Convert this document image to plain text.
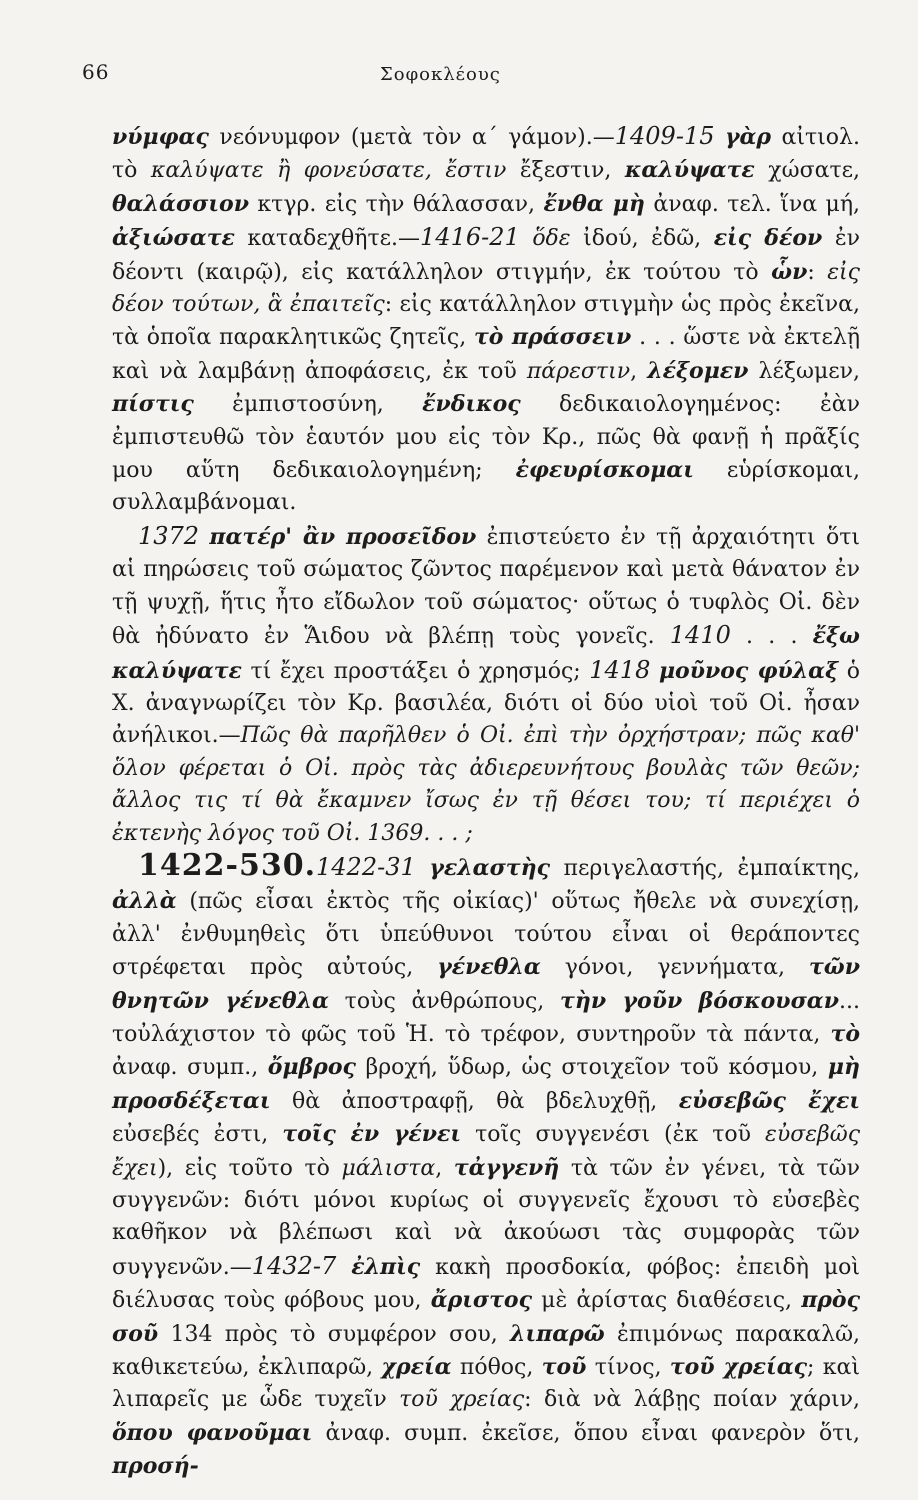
66	Σοφοκλέους

νύμφας νεόνυμφον (μετὰ τὸν α΄ γάμον).—1409-15 γὰρ αἰτιολ. τὸ καλύψατε ἢ φονεύσατε, ἔστιν ἔξεστιν, καλύψατε χώσατε, θαλάσσιον κτγρ. εἰς τὴν θάλασσαν, ἔνθα μὴ ἀναφ. τελ. ἵνα μή, ἀξιώσατε καταδεχθῆτε.—1416-21 ὅδε ἰδού, ἐδῶ, εἰς δέον ἐν δέοντι (καιρῷ), εἰς κατάλληλον στιγμήν, ἐκ τούτου τὸ ὧν: εἰς δέον τούτων, ἃ ἐπαιτεῖς: εἰς κατάλληλον στιγμὴν ὡς πρὸς ἐκεῖνα, τὰ ὁποῖα παρακλητικῶς ζητεῖς, τὸ πράσσειν . . . ὥστε νὰ ἐκτελῇ καὶ νὰ λαμβάνῃ ἀποφάσεις, ἐκ τοῦ πάρεστιν, λέξομεν λέξωμεν, πίστις ἐμπιστοσύνη, ἔνδικος δεδικαιολογημένος: ἐὰν ἐμπιστευθῶ τὸν ἑαυτόν μου εἰς τὸν Κρ., πῶς θὰ φανῇ ἡ πρᾶξίς μου αὕτη δεδικαιολογημένη; ἐφευρίσκομαι εὑρίσκομαι, συλλαμβάνομαι.

1372 πατέρ' ἂν προσεῖδον ἐπιστεύετο ἐν τῇ ἀρχαιότητι ὅτι αἱ πηρώσεις τοῦ σώματος ζῶντος παρέμενον καὶ μετὰ θάνατον ἐν τῇ ψυχῇ, ἥτις ἦτο εἴδωλον τοῦ σώματος· οὕτως ὁ τυφλὸς Οἰ. δὲν θὰ ἠδύνατο ἐν Ἅιδου νὰ βλέπῃ τοὺς γονεῖς. 1410 . . . ἔξω καλύψατε τί ἔχει προστάξει ὁ χρησμός; 1418 μοῦνος φύλαξ ὁ Χ. ἀναγνωρίζει τὸν Κρ. βασιλέα, διότι οἱ δύο υἱοὶ τοῦ Οἰ. ἦσαν ἀνήλικοι.—Πῶς θὰ παρῆλθεν ὁ Οἰ. ἐπὶ τὴν ὀρχήστραν; πῶς καθ' ὅλον φέρεται ὁ Οἰ. πρὸς τὰς ἀδιερευνήτους βουλὰς τῶν θεῶν; ἄλλος τις τί θὰ ἔκαμνεν ἴσως ἐν τῇ θέσει του; τί περιέχει ὁ ἐκτενὴς λόγος τοῦ Οἰ. 1369. . . ;

1422-530.1422-31 γελαστὴς περιγελαστής, ἐμπαίκτης, ἀλλὰ (πῶς εἶσαι ἐκτὸς τῆς οἰκίας)' οὕτως ἤθελε νὰ συνεχίσῃ, ἀλλ' ἐνθυμηθεὶς ὅτι ὑπεύθυνοι τούτου εἶναι οἱ θεράποντες στρέφεται πρὸς αὐτούς, γένεθλα γόνοι, γεννήματα, τῶν θνητῶν γένεθλα τοὺς ἀνθρώπους, τὴν γοῦν βόσκουσαν... τοὐλάχιστον τὸ φῶς τοῦ Ἡ. τὸ τρέφον, συντηροῦν τὰ πάντα, τὸ ἀναφ. συμπ., ὄμβρος βροχή, ὕδωρ, ὡς στοιχεῖον τοῦ κόσμου, μὴ προσδέξεται θὰ ἀποστραφῇ, θὰ βδελυχθῇ, εὐσεβῶς ἔχει εὐσεβές ἐστι, τοῖς ἐν γένει τοῖς συγγενέσι (ἐκ τοῦ εὐσεβῶς ἔχει), εἰς τοῦτο τὸ μάλιστα, τἀγγενῆ τὰ τῶν ἐν γένει, τὰ τῶν συγγενῶν: διότι μόνοι κυρίως οἱ συγγενεῖς ἔχουσι τὸ εὐσεβὲς καθῆκον νὰ βλέπωσι καὶ νὰ ἀκούωσι τὰς συμφορὰς τῶν συγγενῶν.—1432-7 ἐλπὶς κακὴ προσδοκία, φόβος: ἐπειδὴ μοὶ διέλυσας τοὺς φόβους μου, ἄριστος μὲ ἀρίστας διαθέσεις, πρὸς σοῦ 134 πρὸς τὸ συμφέρον σου, λιπαρῶ ἐπιμόνως παρακαλῶ, καθικετεύω, ἐκλιπαρῶ, χρεία πόθος, τοῦ τίνος, τοῦ χρείας; καὶ λιπαρεῖς με ὧδε τυχεῖν τοῦ χρείας: διὰ νὰ λάβῃς ποίαν χάριν, ὅπου φανοῦμαι ἀναφ. συμπ. ἐκεῖσε, ὅπου εἶναι φανερὸν ὅτι, προσή-
